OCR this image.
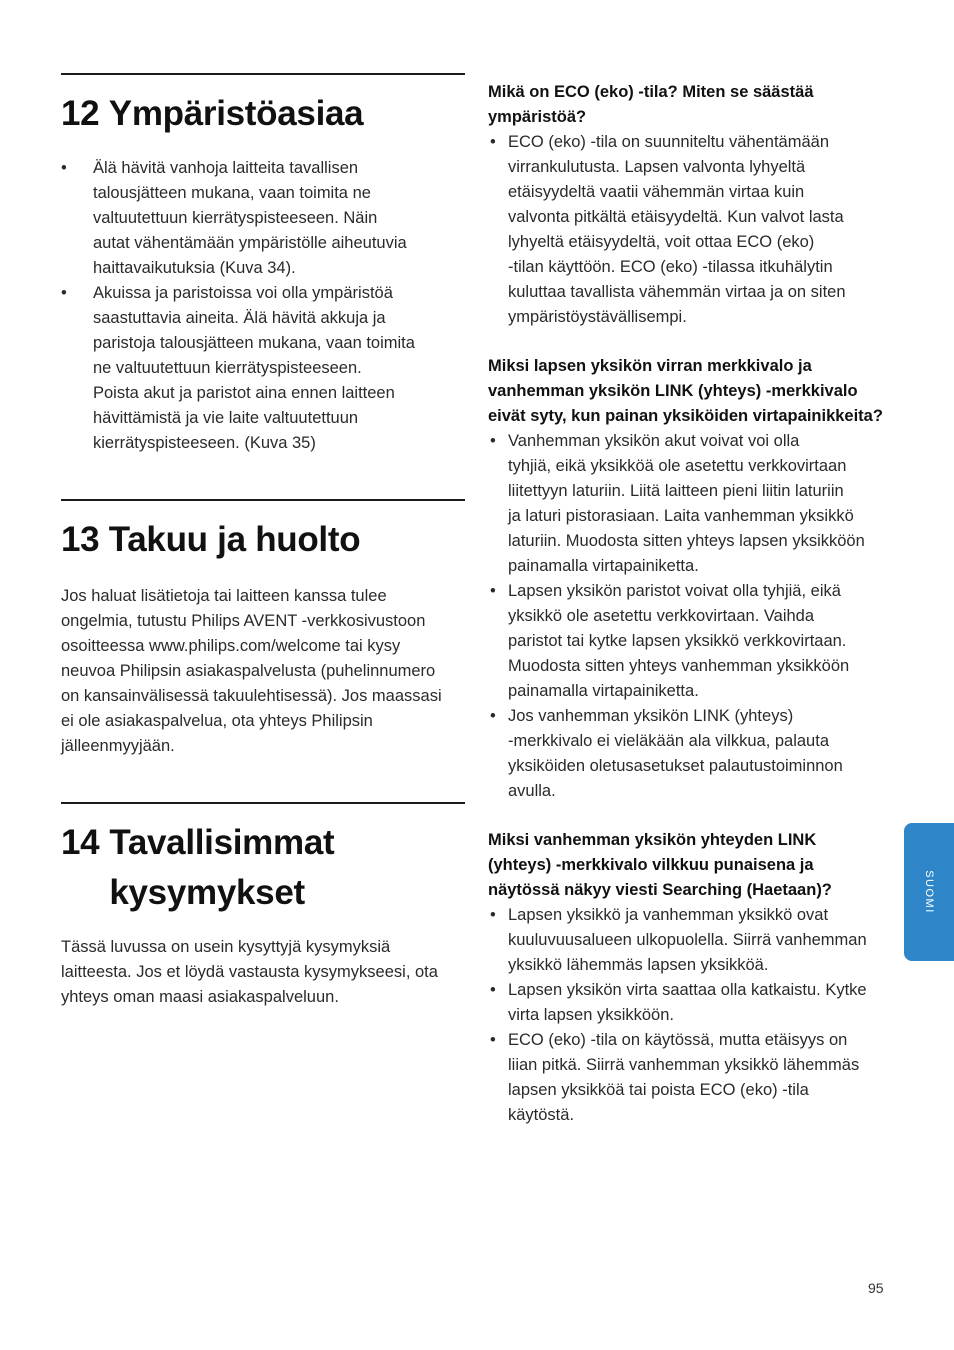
12
Ympäristöasiaa
• Älä hävitä vanhoja laitteita tavallisen
talousjätteen mukana, vaan toimita ne
valtuutettuun kierrätyspisteeseen. Näin
autat vähentämään ympäristölle aiheutuvia
haittavaikutuksia (Kuva 34).
• Akuissa ja paristoissa voi olla ympäristöä
saastuttavia aineita. Älä hävitä akkuja ja
paristoja talousjätteen mukana, vaan toimita
ne valtuutettuun kierrätyspisteeseen.
Poista akut ja paristot aina ennen laitteen
hävittämistä ja vie laite valtuutettuun
kierrätyspisteeseen. (Kuva 35)
13
Takuu ja huolto
Jos haluat lisätietoja tai laitteen kanssa tulee
ongelmia, tutustu Philips AVENT -verkkosivustoon
osoitteessa www.philips.com/welcome tai kysy
neuvoa Philipsin asiakaspalvelusta (puhelinnumero
on kansainvälisessä takuulehtisessä). Jos maassasi
ei ole asiakaspalvelua, ota yhteys Philipsin
jälleenmyyjään.
14 Tavallisimmat
kysymykset
Tässä luvussa on usein kysyttyjä kysymyksiä
laitteesta. Jos et löydä vastausta kysymykseesi, ota
yhteys oman maasi asiakaspalveluun.
Mikä on ECO (eko) -tila? Miten se säästää
ympäristöä?
• ECO (eko) -tila on suunniteltu vähentämään
virrankulutusta. Lapsen valvonta lyhyeltä
etäisyydeltä vaatii vähemmän virtaa kuin
valvonta pitkältä etäisyydeltä. Kun valvot lasta
lyhyeltä etäisyydeltä, voit ottaa ECO (eko)
-tilan käyttöön. ECO (eko) -tilassa itkuhälytin
kuluttaa tavallista vähemmän virtaa ja on siten
ympäristöystävällisempi.
Miksi lapsen yksikön virran merkkivalo ja
vanhemman yksikön LINK (yhteys) -merkkivalo
eivät syty, kun painan yksiköiden virtapainikkeita?
• Vanhemman yksikön akut voivat voi olla
tyhjiä, eikä yksikköä ole asetettu verkkovirtaan
liitettyyn laturiin. Liitä laitteen pieni liitin laturiin
ja laturi pistorasiaan. Laita vanhemman yksikkö
laturiin. Muodosta sitten yhteys lapsen yksikköön
painamalla virtapainiketta.
• Lapsen yksikön paristot voivat olla tyhjiä, eikä
yksikkö ole asetettu verkkovirtaan. Vaihda
paristot tai kytke lapsen yksikkö verkkovirtaan.
Muodosta sitten yhteys vanhemman yksikköön
painamalla virtapainiketta.
• Jos vanhemman yksikön LINK (yhteys)
-merkkivalo ei vieläkään ala vilkkua, palauta
yksiköiden oletusasetukset palautustoiminnon
avulla.
Miksi vanhemman yksikön yhteyden LINK
(yhteys) -merkkivalo vilkkuu punaisena ja
näytössä näkyy viesti Searching (Haetaan)?
• Lapsen yksikkö ja vanhemman yksikkö ovat
kuuluvuusalueen ulkopuolella. Siirrä vanhemman
yksikkö lähemmäs lapsen yksikköä.
• Lapsen yksikön virta saattaa olla katkaistu. Kytke
virta lapsen yksikköön.
• ECO (eko) -tila on käytössä, mutta etäisyys on
liian pitkä. Siirrä vanhemman yksikkö lähemmäs
lapsen yksikköä tai poista ECO (eko) -tila
käytöstä.
SUOMI
95
